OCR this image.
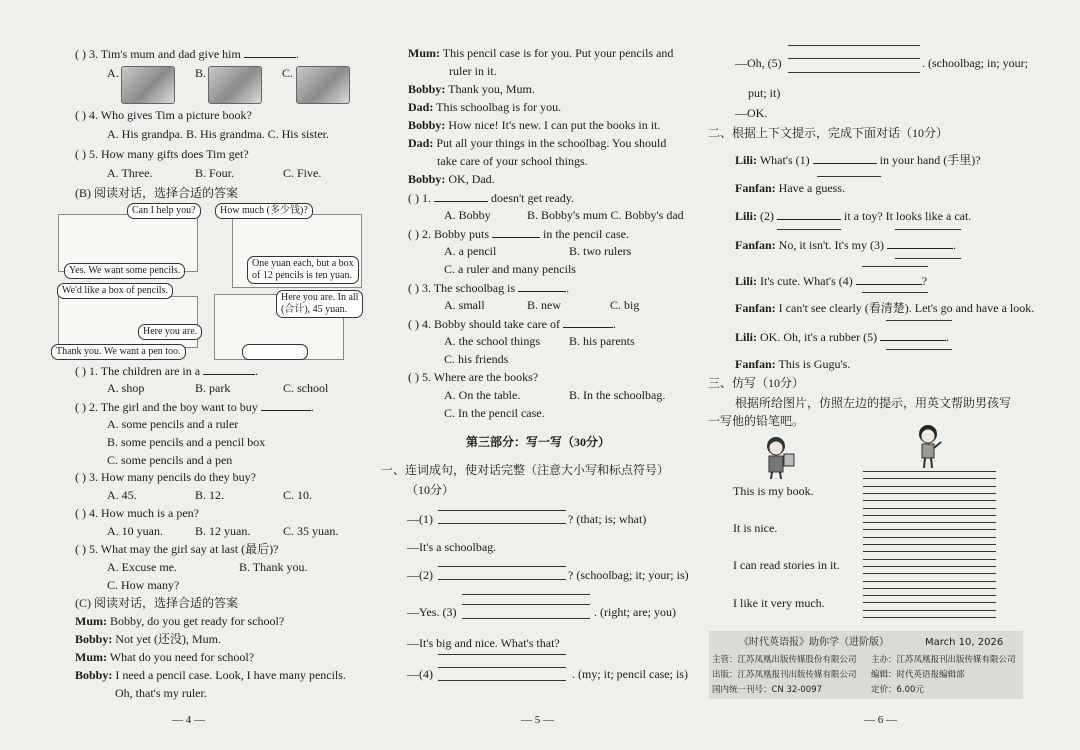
( ) 3. Tim's mum and dad give him	.
A.	B.	C.
( ) 4. Who gives Tim a picture book?
A. His grandpa. B. His grandma. C. His sister.
( ) 5. How many gifts does Tim get?
A. Three.	B. Four.	C. Five.
(B) 阅读对话，选择合适的答案
Can I help you?	How much (多少钱)?
Yes. We want some pencils.
One yuan each, but a box
of 12 pencils is ten yuan.
We'd like a box of pencils.
Here you are. In all
(合计), 45 yuan.
Here you are.
Thank you. We want a pen too.
( ) 1. The children are in a	.
A. shop	B. park	C. school
( ) 2. The girl and the boy want to buy	.
A. some pencils and a ruler
B. some pencils and a pencil box
C. some pencils and a pen
( ) 3. How many pencils do they buy?
A. 45.	B. 12.	C. 10.
( ) 4. How much is a pen?
A. 10 yuan.	B. 12 yuan.	C. 35 yuan.
( ) 5. What may the girl say at last (最后)?
A. Excuse me.	B. Thank you.
C. How many?
(C) 阅读对话，选择合适的答案
Mum: Bobby, do you get ready for school?
Bobby: Not yet (还没), Mum.
Mum: What do you need for school?
Bobby: I need a pencil case. Look, I have many pencils.
Oh, that's my ruler.
— 4 —
Mum: This pencil case is for you. Put your pencils and
ruler in it.
Bobby: Thank you, Mum.
Dad: This schoolbag is for you.
Bobby: How nice! It's new. I can put the books in it.
Dad: Put all your things in the schoolbag. You should
take care of your school things.
Bobby: OK, Dad.
( ) 1.	doesn't get ready.
A. Bobby	B. Bobby's mum C. Bobby's dad
( ) 2. Bobby puts	in the pencil case.
A. a pencil	B. two rulers
C. a ruler and many pencils
( ) 3. The schoolbag is	.
A. small	B. new	C. big
( ) 4. Bobby should take care of	.
A. the school things B. his parents
C. his friends
( ) 5. Where are the books?
A. On the table.	B. In the schoolbag.
C. In the pencil case.
第三部分：写一写（30分）
一、连词成句，使对话完整（注意大小写和标点符号）
（10分）
—(1)	? (that; is; what)
—It's a schoolbag.
—(2)	? (schoolbag; it; your; is)
—Yes. (3)	. (right; are; you)
—It's big and nice. What's that?
—(4)	. (my; it; pencil case; is)
— 5 —
—Oh, (5)	. (schoolbag; in; your;
put; it)
—OK.
二、根据上下文提示，完成下面对话（10分）
Lili: What's (1)	in your hand (手里)?
Fanfan: Have a guess.
Lili: (2)	it a toy? It looks like a cat.
Fanfan: No, it isn't. It's my (3)	.
Lili: It's cute. What's (4)	?
Fanfan: I can't see clearly (看清楚). Let's go and have a look.
Lili: OK. Oh, it's a rubber (5)	.
Fanfan: This is Gugu's.
三、仿写（10分）
根据所给图片，仿照左边的提示，用英文帮助男孩写
一写他的铅笔吧。
This is my book.
It is nice.
I can read stories in it.
I like it very much.
《时代英语报》助你学（进阶版）	March 10, 2026
主管：江苏凤凰出版传媒股份有限公司 主办：江苏凤凰报刊出版传媒有限公司
出版：江苏凤凰报刊出版传媒有限公司 编辑：时代英语报编辑部
国内统一刊号：CN 32-0097	定价：6.00元
— 6 —
